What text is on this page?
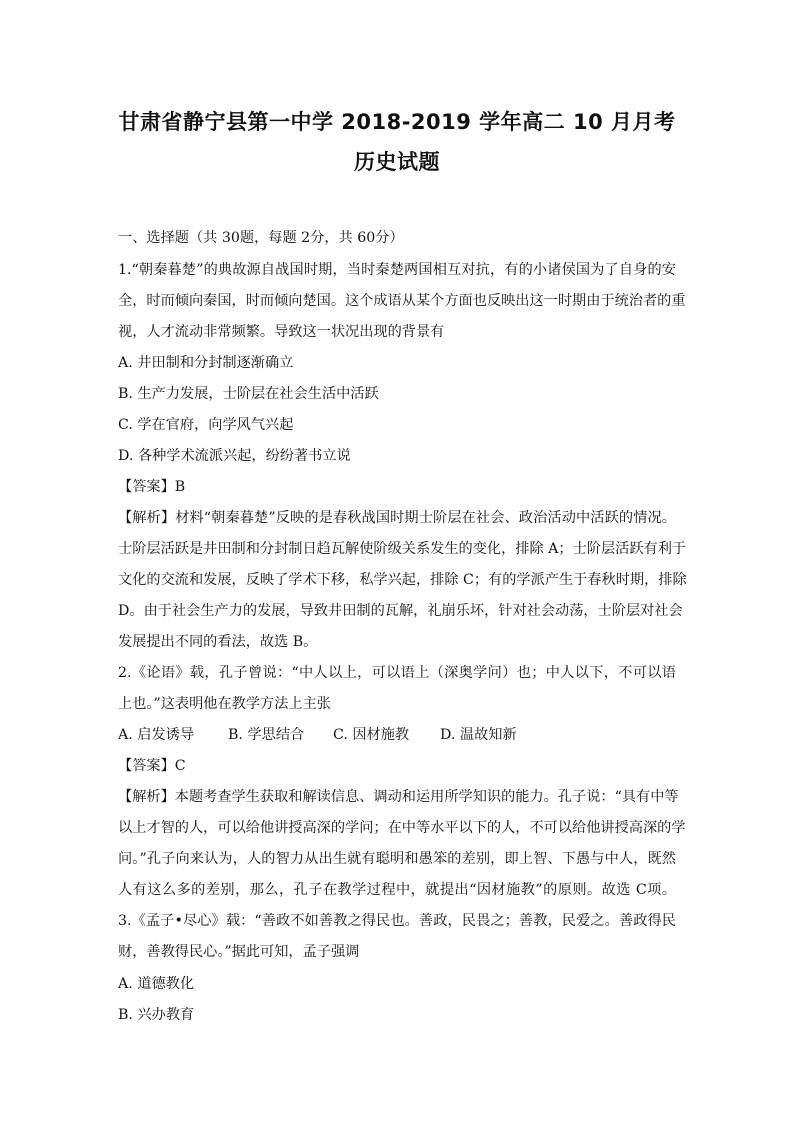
甘肃省静宁县第一中学 2018-2019 学年高二 10 月月考
历史试题
一、选择题（共 30题，每题 2分，共 60分）
1.“朝秦暮楚”的典故源自战国时期，当时秦楚两国相互对抗，有的小诸侯国为了自身的安
全，时而倾向秦国，时而倾向楚国。这个成语从某个方面也反映出这一时期由于统治者的重
视，人才流动非常频繁。导致这一状况出现的背景有
A. 井田制和分封制逐渐确立
B. 生产力发展，士阶层在社会生活中活跃
C. 学在官府，向学风气兴起
D. 各种学术流派兴起，纷纷著书立说
【答案】B
【解析】材料“朝秦暮楚”反映的是春秋战国时期士阶层在社会、政治活动中活跃的情况。
士阶层活跃是井田制和分封制日趋瓦解使阶级关系发生的变化，排除 A；士阶层活跃有利于
文化的交流和发展，反映了学术下移，私学兴起，排除 C；有的学派产生于春秋时期，排除
D。由于社会生产力的发展，导致井田制的瓦解，礼崩乐坏，针对社会动荡，士阶层对社会
发展提出不同的看法，故选 B。
2.《论语》载，孔子曾说：“中人以上，可以语上（深奥学问）也；中人以下，不可以语
上也。”这表明他在教学方法上主张
A. 启发诱导 B. 学思结合 C. 因材施教 D. 温故知新
【答案】C
【解析】本题考查学生获取和解读信息、调动和运用所学知识的能力。孔子说：“具有中等
以上才智的人，可以给他讲授高深的学问；在中等水平以下的人，不可以给他讲授高深的学
问。”孔子向来认为，人的智力从出生就有聪明和愚笨的差别，即上智、下愚与中人，既然
人有这么多的差别，那么，孔子在教学过程中，就提出“因材施教”的原则。故选 C项。
3.《孟子•尽心》载：“善政不如善教之得民也。善政，民畏之；善教，民爱之。善政得民
财，善教得民心。”据此可知，孟子强调
A. 道德教化
B. 兴办教育
